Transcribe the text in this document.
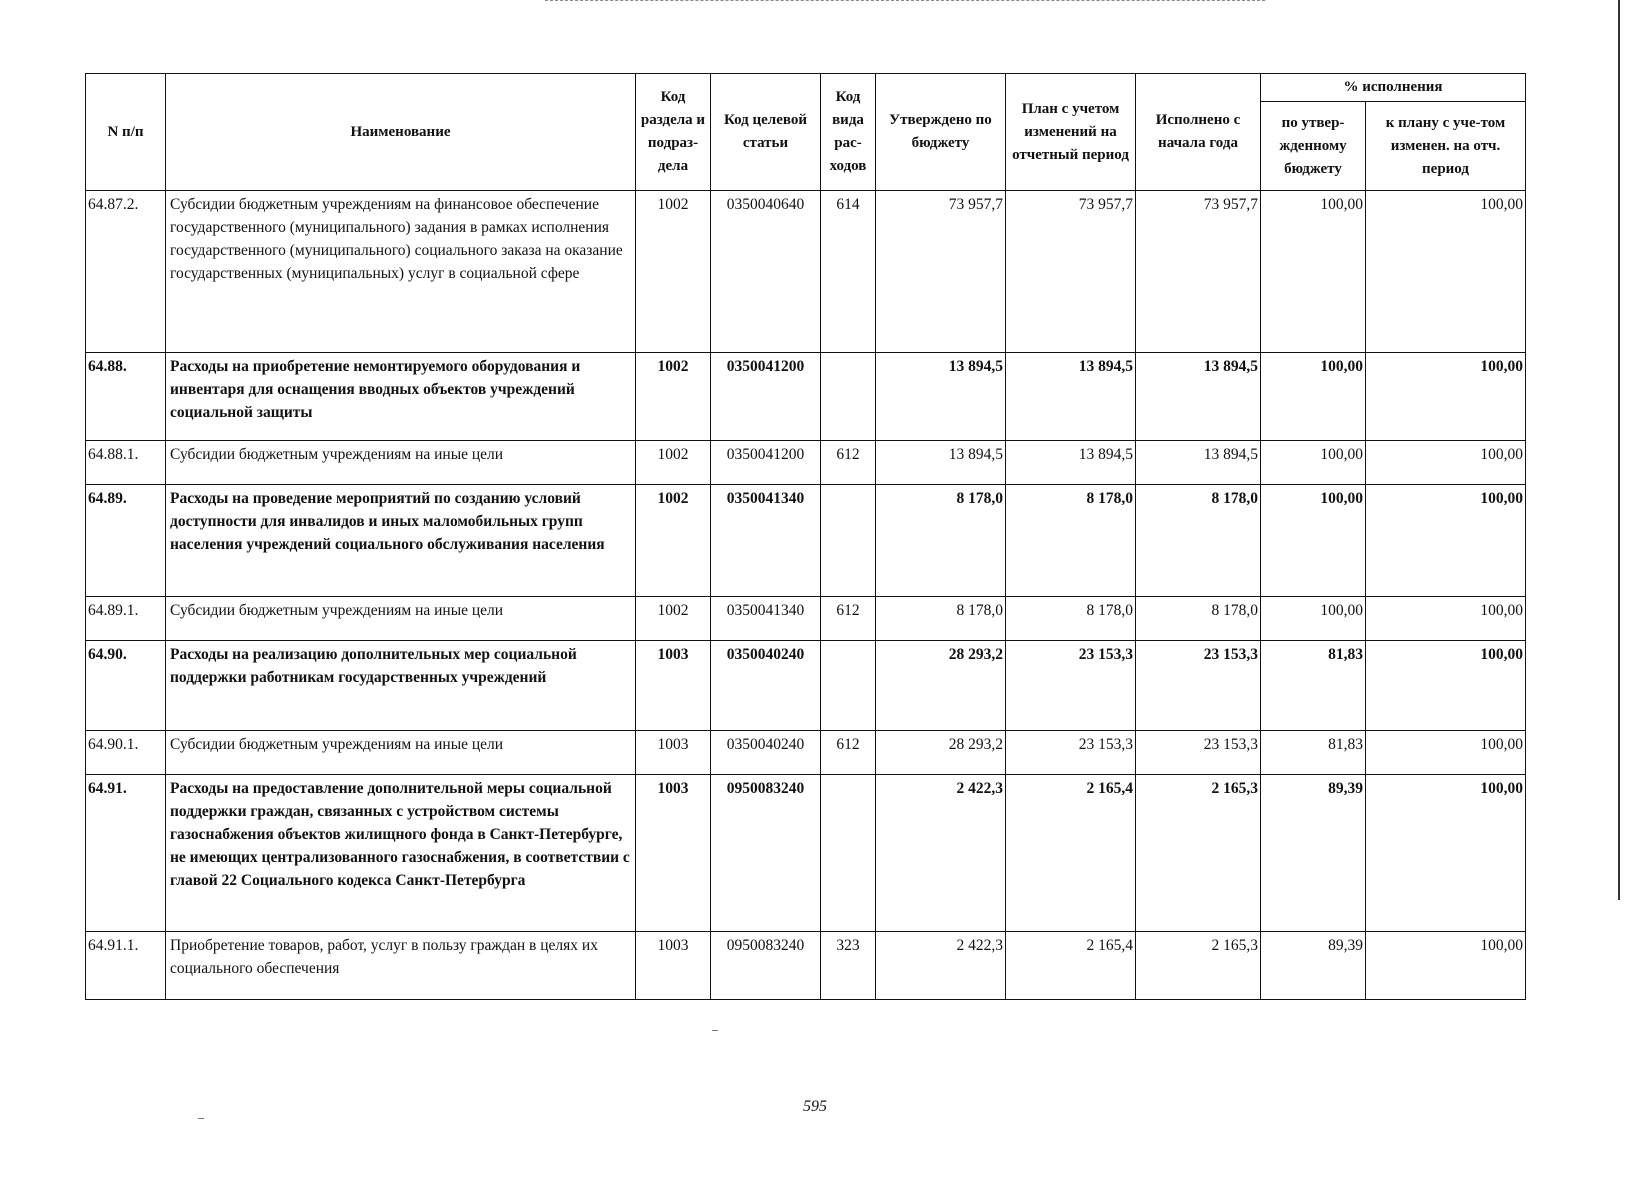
N п/п	Наименование	Код раздела и подраз-дела	Код целевой статьи	Код вида рас-ходов	Утверждено по бюджету	План с учетом изменений на отчетный период	Исполнено с начала года	% исполнения	
								по утвер-жденному бюджету	к плану с уче-том изменен. на отч. период
64.87.2.	Субсидии бюджетным учреждениям на финансовое обеспечение государственного (муниципального) задания в рамках исполнения государственного (муниципального) социального заказа на оказание государственных (муниципальных) услуг в социальной сфере	1002	0350040640	614	73 957,7	73 957,7	73 957,7	100,00	100,00
64.88.	Расходы на приобретение немонтируемого оборудования и инвентаря для оснащения вводных объектов учреждений социальной защиты	1002	0350041200		13 894,5	13 894,5	13 894,5	100,00	100,00
64.88.1.	Субсидии бюджетным учреждениям на иные цели	1002	0350041200	612	13 894,5	13 894,5	13 894,5	100,00	100,00
64.89.	Расходы на проведение мероприятий по созданию условий доступности для инвалидов и иных маломобильных групп населения учреждений социального обслуживания населения	1002	0350041340		8 178,0	8 178,0	8 178,0	100,00	100,00
64.89.1.	Субсидии бюджетным учреждениям на иные цели	1002	0350041340	612	8 178,0	8 178,0	8 178,0	100,00	100,00
64.90.	Расходы на реализацию дополнительных мер социальной поддержки работникам государственных учреждений	1003	0350040240		28 293,2	23 153,3	23 153,3	81,83	100,00
64.90.1.	Субсидии бюджетным учреждениям на иные цели	1003	0350040240	612	28 293,2	23 153,3	23 153,3	81,83	100,00
64.91.	Расходы на предоставление дополнительной меры социальной поддержки граждан, связанных с устройством системы газоснабжения объектов жилищного фонда в Санкт-Петербурге, не имеющих централизованного газоснабжения, в соответствии с главой 22 Социального кодекса Санкт-Петербурга	1003	0950083240		2 422,3	2 165,4	2 165,3	89,39	100,00
64.91.1.	Приобретение товаров, работ, услуг в пользу граждан в целях их социального обеспечения	1003	0950083240	323	2 422,3	2 165,4	2 165,3	89,39	100,00
595
